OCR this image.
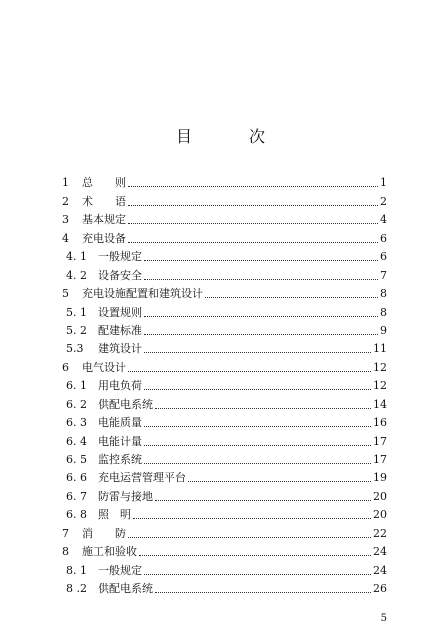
目 次
1	总　　则	1
2	术　　语	2
3	基本规定	4
4	充电设备	6
4. 1	一般规定	6
4. 2	设备安全	7
5	充电设施配置和建筑设计	8
5. 1	设置规则	8
5. 2	配建标准	9
5.3	建筑设计	11
6	电气设计	12
6. 1	用电负荷	12
6. 2	供配电系统	14
6. 3	电能质量	16
6. 4	电能计量	17
6. 5	监控系统	17
6. 6	充电运营管理平台	19
6. 7	防雷与接地	20
6. 8	照　明	20
7	消　　防	22
8	施工和验收	24
8. 1	一般规定	24
8 .2	供配电系统	26
5
